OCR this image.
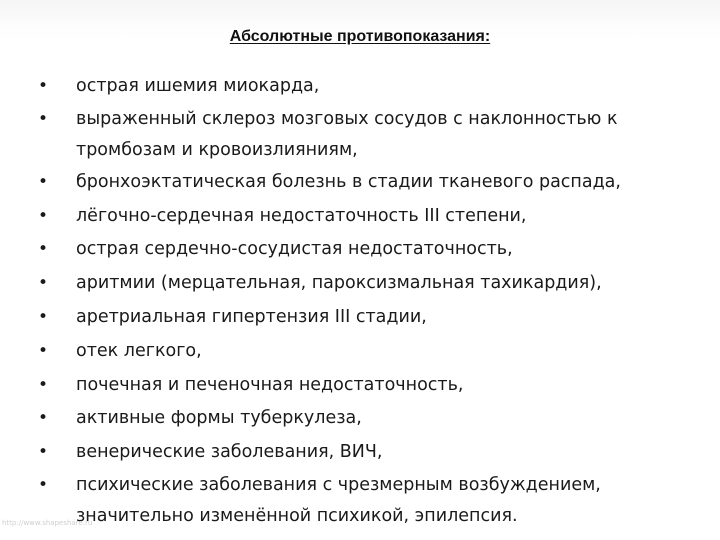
Абсолютные противопоказания:
• острая ишемия миокарда,
• выраженный склероз мозговых сосудов с наклонностью к тромбозам и кровоизлияниям,
• бронхоэктатическая болезнь в стадии тканевого распада,
• лёгочно-сердечная недостаточность III степени,
• острая сердечно-сосудистая недостаточность,
• аритмии (мерцательная, пароксизмальная тахикардия),
• аретриальная гипертензия III стадии,
• отек легкого,
• почечная и печеночная недостаточность,
• активные формы туберкулеза,
• венерические заболевания, ВИЧ,
• психические заболевания с чрезмерным возбуждением, значительно изменённой психикой, эпилепсия.
http://www.shapeshare.ru
